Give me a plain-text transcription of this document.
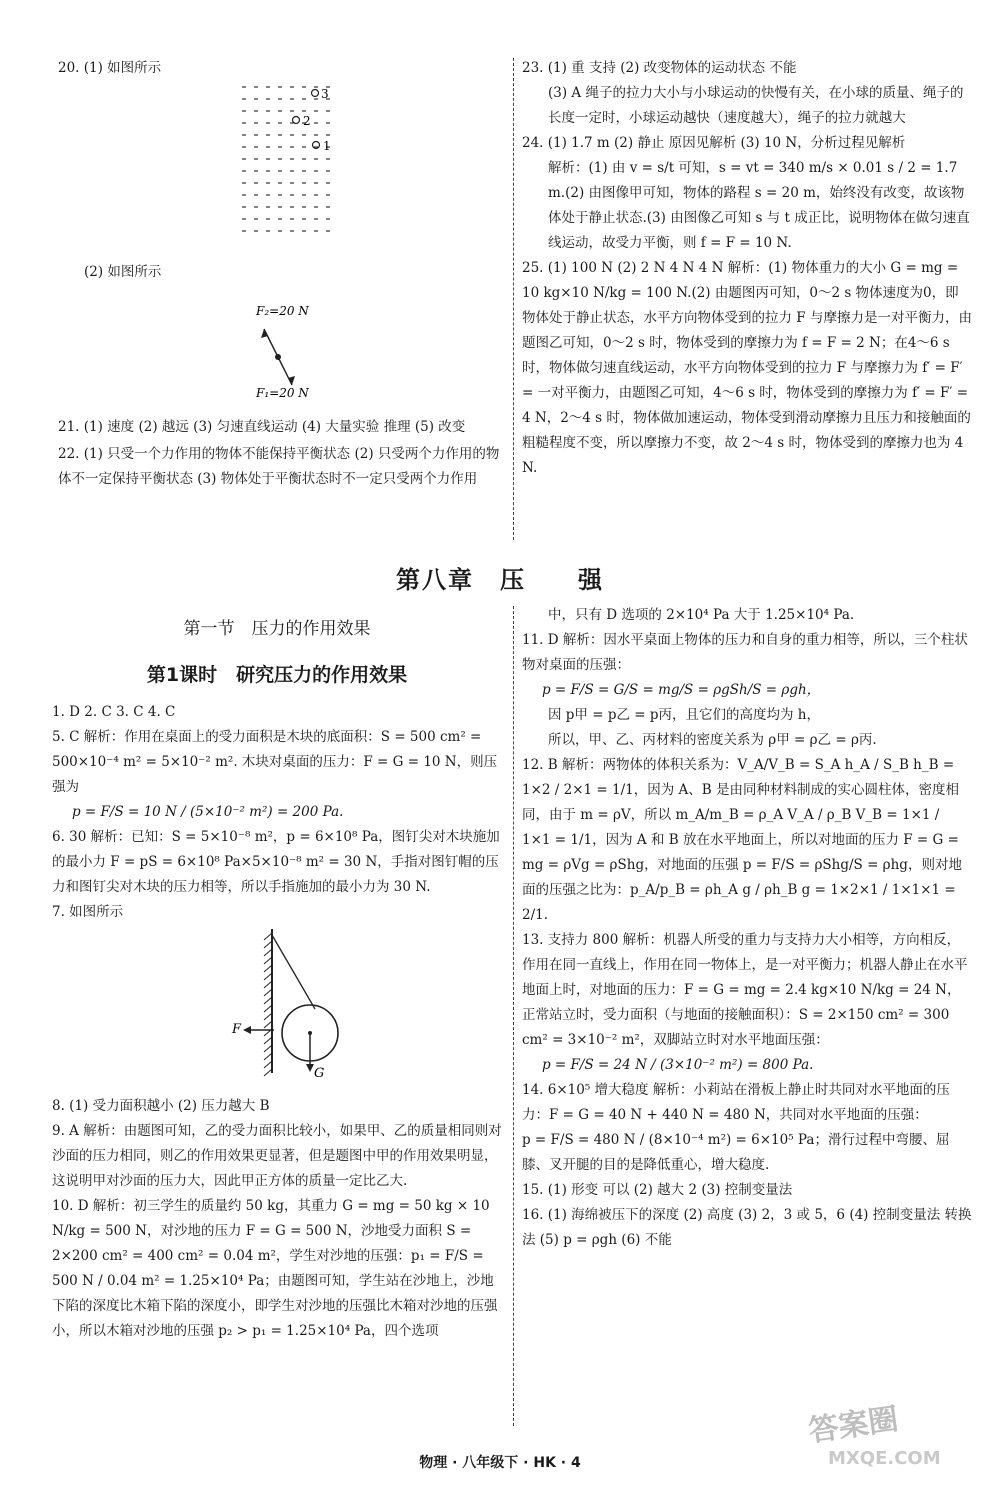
20. (1) 如图所示

1
2
3

(2) 如图所示

F₂=20 N
F₁=20 N

21. (1) 速度 (2) 越远 (3) 匀速直线运动 (4) 大量实验 推理 (5) 改变

22. (1) 只受一个力作用的物体不能保持平衡状态 (2) 只受两个力作用的物体不一定保持平衡状态 (3) 物体处于平衡状态时不一定只受两个力作用

23. (1) 重 支持 (2) 改变物体的运动状态 不能

(3) A 绳子的拉力大小与小球运动的快慢有关，在小球的质量、绳子的长度一定时，小球运动越快（速度越大），绳子的拉力就越大

24. (1) 1.7 m (2) 静止 原因见解析 (3) 10 N，分析过程见解析

解析：(1) 由 v = s/t 可知，s = vt = 340 m/s × 0.01 s / 2 = 1.7 m.(2) 由图像甲可知，物体的路程 s = 20 m，始终没有改变，故该物体处于静止状态.(3) 由图像乙可知 s 与 t 成正比，说明物体在做匀速直线运动，故受力平衡，则 f = F = 10 N.

25. (1) 100 N (2) 2 N 4 N 4 N 解析：(1) 物体重力的大小 G = mg = 10 kg×10 N/kg = 100 N.(2) 由题图丙可知，0～2 s 物体速度为0，即物体处于静止状态，水平方向物体受到的拉力 F 与摩擦力是一对平衡力，由题图乙可知，0～2 s 时，物体受到的摩擦力为 f = F = 2 N；在4～6 s 时，物体做匀速直线运动，水平方向物体受到的拉力 F 与摩擦力为 f′ = F′ = 一对平衡力，由题图乙可知，4～6 s 时，物体受到的摩擦力为 f′ = F′ = 4 N，2～4 s 时，物体做加速运动，物体受到滑动摩擦力且压力和接触面的粗糙程度不变，所以摩擦力不变，故 2～4 s 时，物体受到的摩擦力也为 4 N.

第八章　压　　强
第一节　压力的作用效果
第1课时　研究压力的作用效果

1. D 2. C 3. C 4. C

5. C 解析：作用在桌面上的受力面积是木块的底面积：S = 500 cm² = 500×10⁻⁴ m² = 5×10⁻² m². 木块对桌面的压力：F = G = 10 N，则压强为

p = F/S = 10 N / (5×10⁻² m²) = 200 Pa.

6. 30 解析：已知：S = 5×10⁻⁸ m²，p = 6×10⁸ Pa，图钉尖对木块施加的最小力 F = pS = 6×10⁸ Pa×5×10⁻⁸ m² = 30 N，手指对图钉帽的压力和图钉尖对木块的压力相等，所以手指施加的最小力为 30 N.

7. 如图所示

F
G

8. (1) 受力面积越小 (2) 压力越大 B

9. A 解析：由题图可知，乙的受力面积比较小，如果甲、乙的质量相同则对沙面的压力相同，则乙的作用效果更显著，但是题图中甲的作用效果明显，这说明甲对沙面的压力大，因此甲正方体的质量一定比乙大.

10. D 解析：初三学生的质量约 50 kg，其重力 G = mg = 50 kg × 10 N/kg = 500 N，对沙地的压力 F = G = 500 N，沙地受力面积 S = 2×200 cm² = 400 cm² = 0.04 m²，学生对沙地的压强：p₁ = F/S =

500 N / 0.04 m² = 1.25×10⁴ Pa；由题图可知，学生站在沙地上，沙地下陷的深度比木箱下陷的深度小，即学生对沙地的压强比木箱对沙地的压强小，所以木箱对沙地的压强 p₂ > p₁ = 1.25×10⁴ Pa，四个选项

中，只有 D 选项的 2×10⁴ Pa 大于 1.25×10⁴ Pa.

11. D 解析：因水平桌面上物体的压力和自身的重力相等，所以，三个柱状物对桌面的压强：

p = F/S = G/S = mg/S = ρgSh/S = ρgh，

因 p甲 = p乙 = p丙，且它们的高度均为 h，

所以，甲、乙、丙材料的密度关系为 ρ甲 = ρ乙 = ρ丙.

12. B 解析：两物体的体积关系为：V_A/V_B = S_A h_A / S_B h_B = 1×2 / 2×1 = 1/1，因为 A、B 是由同种材料制成的实心圆柱体，密度相同，由于 m = ρV，所以 m_A/m_B = ρ_A V_A / ρ_B V_B = 1×1 / 1×1 = 1/1，因为 A 和 B 放在水平地面上，所以对地面的压力 F = G = mg = ρVg = ρShg，对地面的压强 p = F/S = ρShg/S = ρhg，则对地面的压强之比为：p_A/p_B = ρh_A g / ρh_B g = 1×2×1 / 1×1×1 = 2/1.

13. 支持力 800 解析：机器人所受的重力与支持力大小相等，方向相反，作用在同一直线上，作用在同一物体上，是一对平衡力；机器人静止在水平地面上时，对地面的压力：F = G = mg = 2.4 kg×10 N/kg = 24 N，正常站立时，受力面积（与地面的接触面积）：S = 2×150 cm² = 300 cm² = 3×10⁻² m²，双脚站立时对水平地面压强：

p = F/S = 24 N / (3×10⁻² m²) = 800 Pa.

14. 6×10⁵ 增大稳度 解析：小莉站在滑板上静止时共同对水平地面的压力：F = G = 40 N + 440 N = 480 N，共同对水平地面的压强：

p = F/S = 480 N / (8×10⁻⁴ m²) = 6×10⁵ Pa；滑行过程中弯腰、屈膝、叉开腿的目的是降低重心，增大稳度.

15. (1) 形变 可以 (2) 越大 2 (3) 控制变量法

16. (1) 海绵被压下的深度 (2) 高度 (3) 2，3 或 5，6 (4) 控制变量法 转换法 (5) p = ρgh (6) 不能

物理 · 八年级下 · HK · 4
答案圈
MXQE.COM
